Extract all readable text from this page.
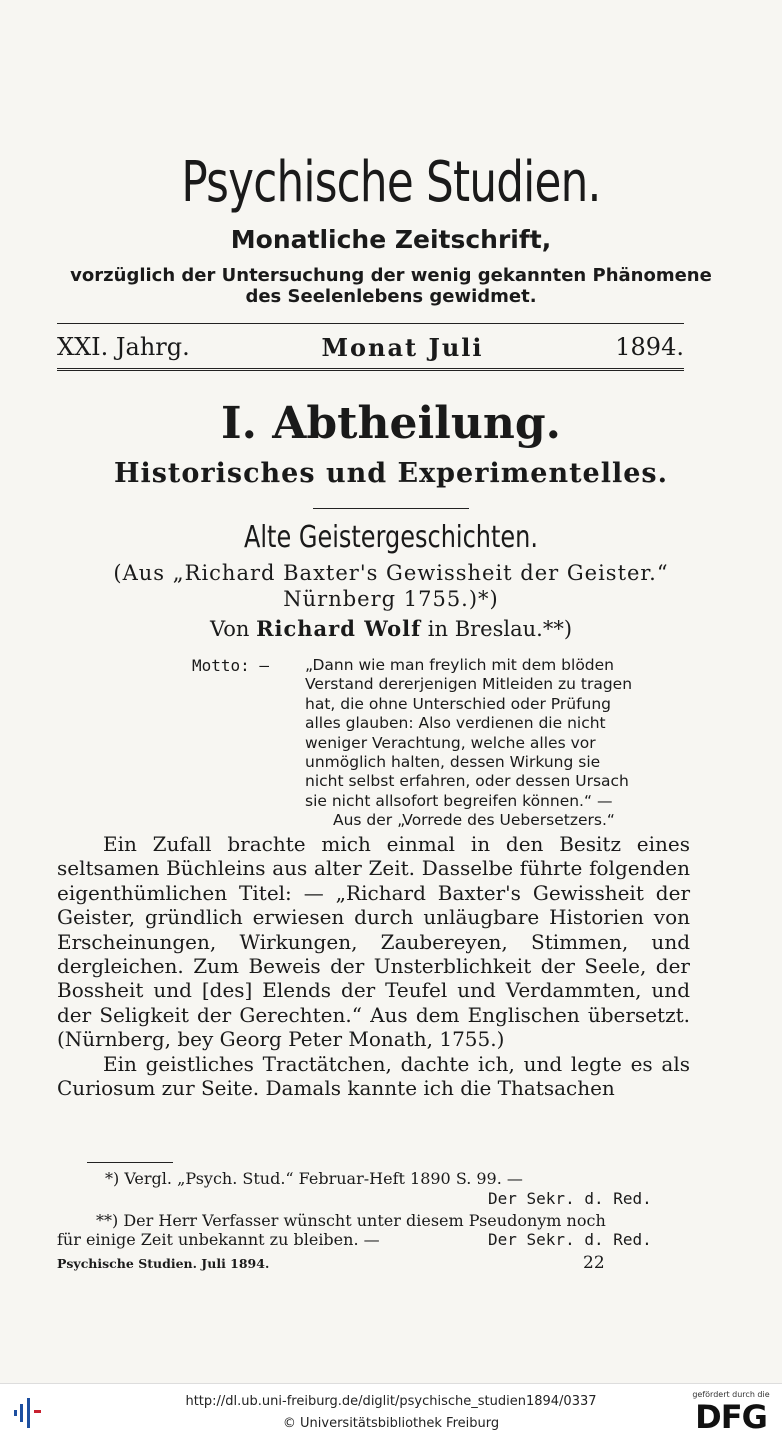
Psychische Studien.
Monatliche Zeitschrift,
vorzüglich der Untersuchung der wenig gekannten Phänomene
des Seelenlebens gewidmet.
XXI. Jahrg.	Monat Juli	1894.
I. Abtheilung.
Historisches und Experimentelles.
Alte Geistergeschichten.
(Aus „Richard Baxter's Gewissheit der Geister.“
Nürnberg 1755.)*)
Von Richard Wolf in Breslau.**)
Motto: — „Dann wie man freylich mit dem blöden
Verstand dererjenigen Mitleiden zu tragen
hat, die ohne Unterschied oder Prüfung
alles glauben: Also verdienen die nicht
weniger Verachtung, welche alles vor
unmöglich halten, dessen Wirkung sie
nicht selbst erfahren, oder dessen Ursach
sie nicht allsofort begreifen können.“ —
Aus der „Vorrede des Uebersetzers.“

Ein Zufall brachte mich einmal in den Besitz eines seltsamen Büchleins aus alter Zeit. Dasselbe führte folgenden eigenthümlichen Titel: — „Richard Baxter's Gewissheit der Geister, gründlich erwiesen durch unläugbare Historien von Erscheinungen, Wirkungen, Zaubereyen, Stimmen, und dergleichen. Zum Beweis der Unsterblichkeit der Seele, der Bossheit und [des] Elends der Teufel und Verdammten, und der Seligkeit der Gerechten.“ Aus dem Englischen übersetzt. (Nürnberg, bey Georg Peter Monath, 1755.)

Ein geistliches Tractätchen, dachte ich, und legte es als Curiosum zur Seite. Damals kannte ich die Thatsachen

*) Vergl. „Psych. Stud.“ Februar-Heft 1890 S. 99. —
Der Sekr. d. Red.
**) Der Herr Verfasser wünscht unter diesem Pseudonym noch
für einige Zeit unbekannt zu bleiben. —	Der Sekr. d. Red.
Psychische Studien. Juli 1894.	22
http://dl.ub.uni-freiburg.de/diglit/psychische_studien1894/0337
© Universitätsbibliothek Freiburg
gefördert durch die
DFG
